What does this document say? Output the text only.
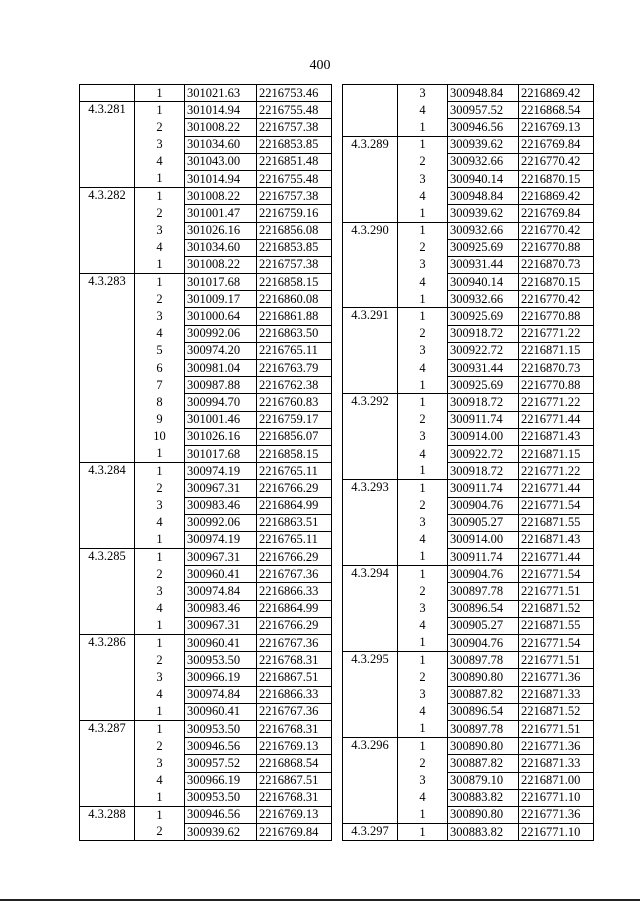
400
	1	301021.63	2216753.46
4.3.281	1	301014.94	2216755.48
	2	301008.22	2216757.38
	3	301034.60	2216853.85
	4	301043.00	2216851.48
	1	301014.94	2216755.48
4.3.282	1	301008.22	2216757.38
	2	301001.47	2216759.16
	3	301026.16	2216856.08
	4	301034.60	2216853.85
	1	301008.22	2216757.38
4.3.283	1	301017.68	2216858.15
	2	301009.17	2216860.08
	3	301000.64	2216861.88
	4	300992.06	2216863.50
	5	300974.20	2216765.11
	6	300981.04	2216763.79
	7	300987.88	2216762.38
	8	300994.70	2216760.83
	9	301001.46	2216759.17
	10	301026.16	2216856.07
	1	301017.68	2216858.15
4.3.284	1	300974.19	2216765.11
	2	300967.31	2216766.29
	3	300983.46	2216864.99
	4	300992.06	2216863.51
	1	300974.19	2216765.11
4.3.285	1	300967.31	2216766.29
	2	300960.41	2216767.36
	3	300974.84	2216866.33
	4	300983.46	2216864.99
	1	300967.31	2216766.29
4.3.286	1	300960.41	2216767.36
	2	300953.50	2216768.31
	3	300966.19	2216867.51
	4	300974.84	2216866.33
	1	300960.41	2216767.36
4.3.287	1	300953.50	2216768.31
	2	300946.56	2216769.13
	3	300957.52	2216868.54
	4	300966.19	2216867.51
	1	300953.50	2216768.31
4.3.288	1	300946.56	2216769.13
	2	300939.62	2216769.84
	3	300948.84	2216869.42
	4	300957.52	2216868.54
	1	300946.56	2216769.13
4.3.289	1	300939.62	2216769.84
	2	300932.66	2216770.42
	3	300940.14	2216870.15
	4	300948.84	2216869.42
	1	300939.62	2216769.84
4.3.290	1	300932.66	2216770.42
	2	300925.69	2216770.88
	3	300931.44	2216870.73
	4	300940.14	2216870.15
	1	300932.66	2216770.42
4.3.291	1	300925.69	2216770.88
	2	300918.72	2216771.22
	3	300922.72	2216871.15
	4	300931.44	2216870.73
	1	300925.69	2216770.88
4.3.292	1	300918.72	2216771.22
	2	300911.74	2216771.44
	3	300914.00	2216871.43
	4	300922.72	2216871.15
	1	300918.72	2216771.22
4.3.293	1	300911.74	2216771.44
	2	300904.76	2216771.54
	3	300905.27	2216871.55
	4	300914.00	2216871.43
	1	300911.74	2216771.44
4.3.294	1	300904.76	2216771.54
	2	300897.78	2216771.51
	3	300896.54	2216871.52
	4	300905.27	2216871.55
	1	300904.76	2216771.54
4.3.295	1	300897.78	2216771.51
	2	300890.80	2216771.36
	3	300887.82	2216871.33
	4	300896.54	2216871.52
	1	300897.78	2216771.51
4.3.296	1	300890.80	2216771.36
	2	300887.82	2216871.33
	3	300879.10	2216871.00
	4	300883.82	2216771.10
	1	300890.80	2216771.36
4.3.297	1	300883.82	2216771.10
